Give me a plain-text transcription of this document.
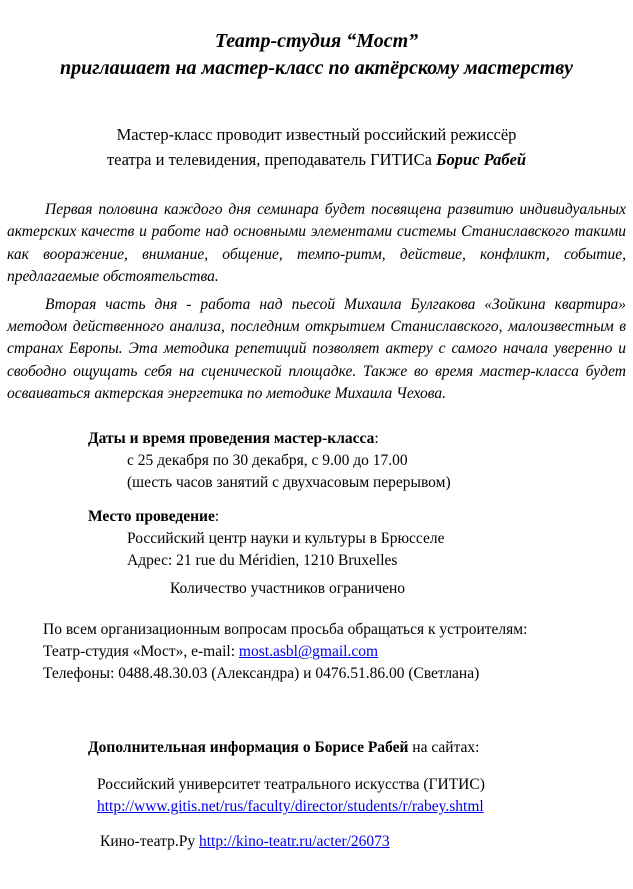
Театр-студия “Мост”
приглашает на мастер-класс по актёрскому мастерству
Мастер-класс проводит известный российский режиссёр
театра и телевидения, преподаватель ГИТИСа Борис Рабей
Первая половина каждого дня семинара будет посвящена развитию индивидуальных актерских качеств и работе над основными элементами системы Станиславского такими как вооражение, внимание, общение, темпо-ритм, действие, конфликт, событие, предлагаемые обстоятельства.
Вторая часть дня - работа над пьесой Михаила Булгакова «Зойкина квартира» методом действенного анализа, последним открытием Станиславского, малоизвестным в странах Европы. Эта методика репетиций позволяет актеру с самого начала уверенно и свободно ощущать себя на сценической площадке. Также во время мастер-класса будет осваиваться актерская энергетика по методике Михаила Чехова.
Даты и время проведения мастер-класса:
с 25 декабря по 30 декабря, с 9.00 до 17.00
(шесть часов занятий с двухчасовым перерывом)
Место проведение:
Российский центр науки и культуры в Брюсселе
Адрес: 21 rue du Méridien, 1210 Bruxelles
Количество участников ограничено
По всем организационным вопросам просьба обращаться к устроителям:
Театр-студия «Мост», e-mail: most.asbl@gmail.com
Телефоны: 0488.48.30.03 (Александра) и 0476.51.86.00 (Светлана)
Дополнительная информация о Борисе Рабей на сайтах:
Российский университет театрального искусства (ГИТИС)
http://www.gitis.net/rus/faculty/director/students/r/rabey.shtml
Кино-театр.Ру http://kino-teatr.ru/acter/26073
